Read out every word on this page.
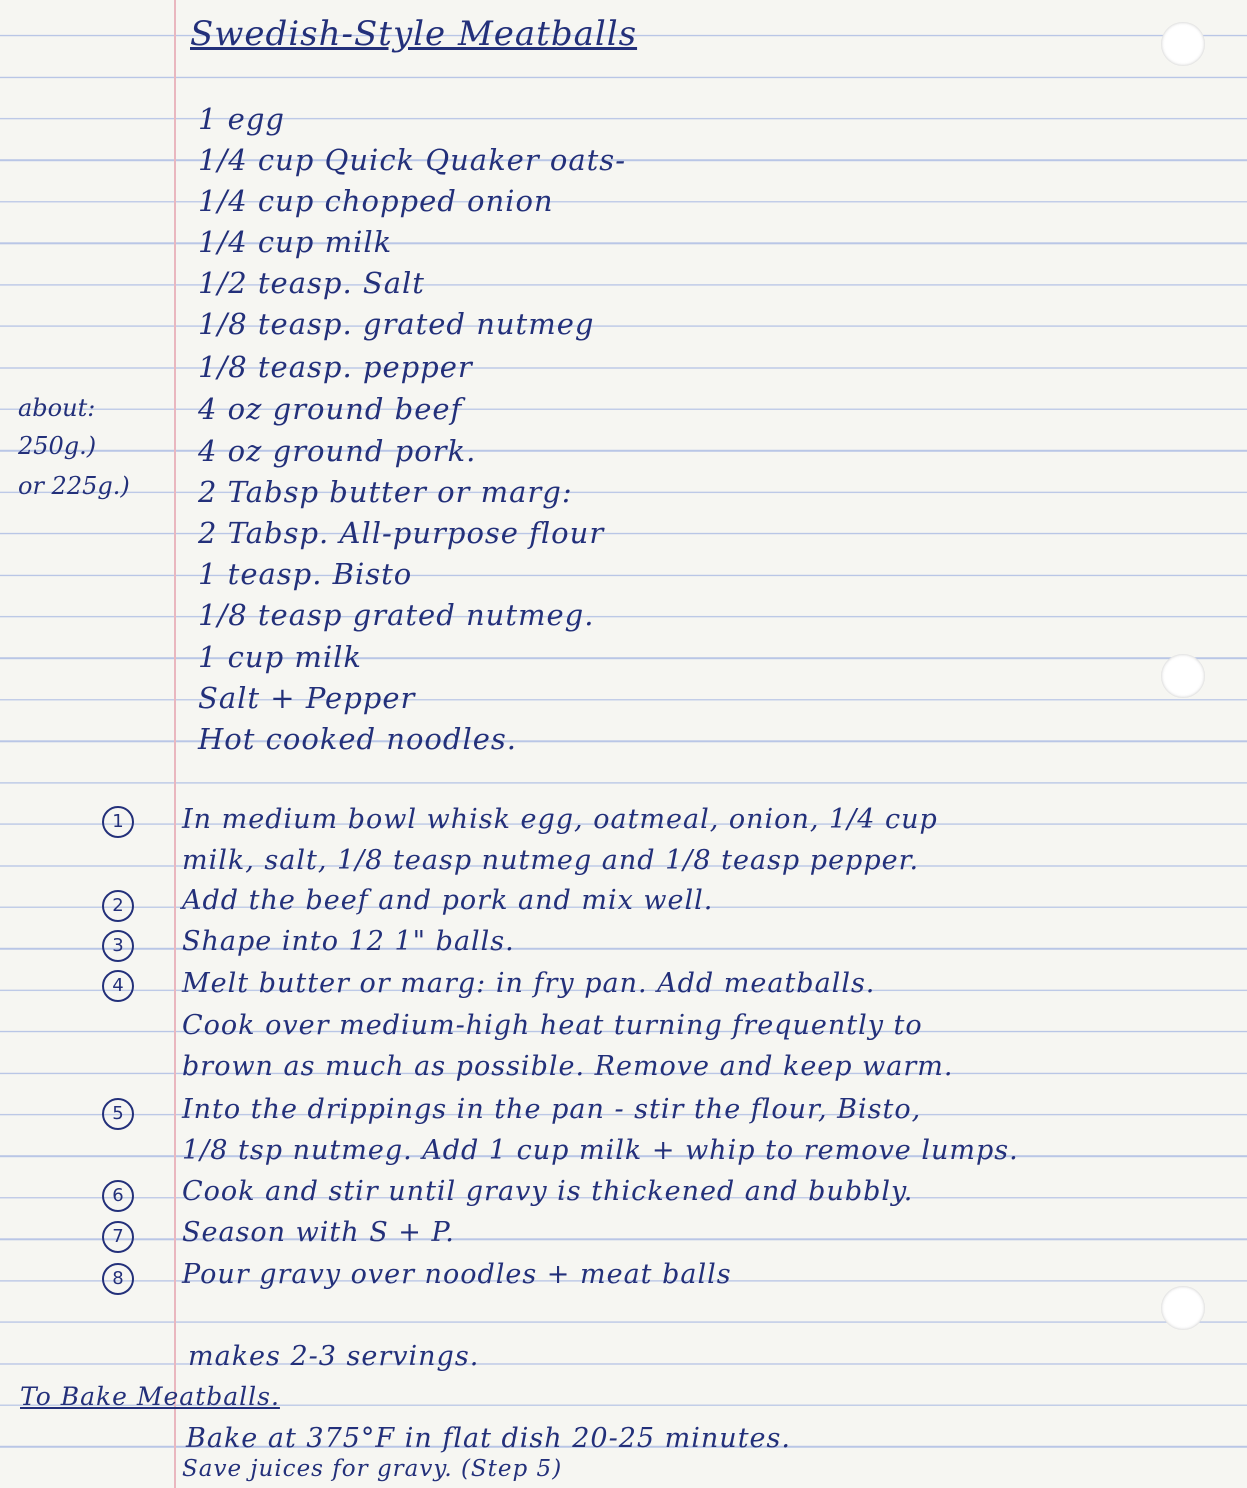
Swedish-Style Meatballs
about:
250g.)
or 225g.)
1 egg
1/4 cup Quick Quaker oats-
1/4 cup chopped onion
1/4 cup milk
1/2 teasp. Salt
1/8 teasp. grated nutmeg
1/8 teasp. pepper
4 oz ground beef
4 oz ground pork.
2 Tabsp butter or marg:
2 Tabsp. All-purpose flour
1 teasp. Bisto
1/8 teasp grated nutmeg.
1 cup milk
Salt + Pepper
Hot cooked noodles.
1	In medium bowl whisk egg, oatmeal, onion, 1/4 cup
milk, salt, 1/8 teasp nutmeg and 1/8 teasp pepper.
2	Add the beef and pork and mix well.
3	Shape into 12 1" balls.
4	Melt butter or marg: in fry pan. Add meatballs.
Cook over medium-high heat turning frequently to
brown as much as possible. Remove and keep warm.
5	Into the drippings in the pan - stir the flour, Bisto,
1/8 tsp nutmeg. Add 1 cup milk + whip to remove lumps.
6	Cook and stir until gravy is thickened and bubbly.
7	Season with S + P.
8	Pour gravy over noodles + meat balls
makes 2-3 servings.
To Bake Meatballs.
Bake at 375°F in flat dish 20-25 minutes.
Save juices for gravy. (Step 5)
